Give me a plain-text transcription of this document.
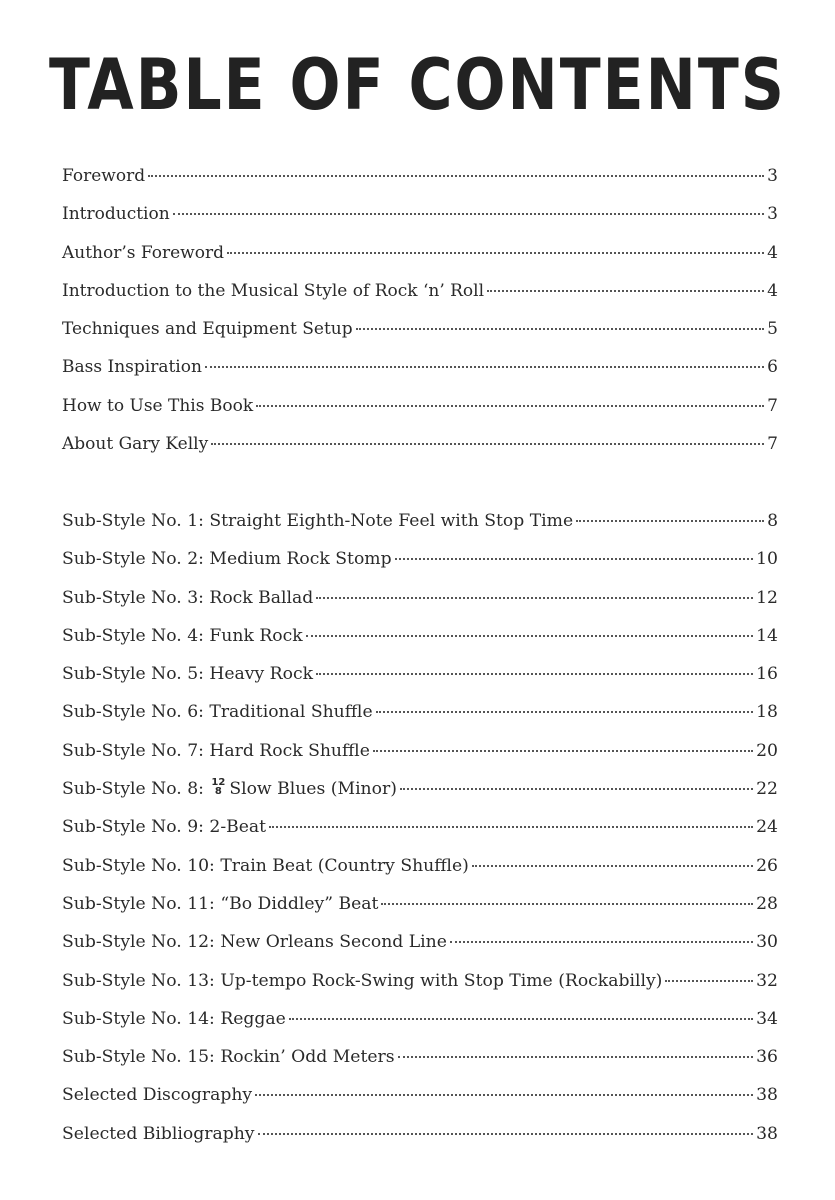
TABLE OF CONTENTS
Foreword	3
Introduction	3
Author’s Foreword	4
Introduction to the Musical Style of Rock ‘n’ Roll	4
Techniques and Equipment Setup	5
Bass Inspiration	6
How to Use This Book	7
About Gary Kelly	7
Sub-Style No. 1: Straight Eighth-Note Feel with Stop Time	8
Sub-Style No. 2: Medium Rock Stomp	10
Sub-Style No. 3: Rock Ballad	12
Sub-Style No. 4: Funk Rock	14
Sub-Style No. 5: Heavy Rock	16
Sub-Style No. 6: Traditional Shuffle	18
Sub-Style No. 7: Hard Rock Shuffle	20
Sub-Style No. 8: 12
8 Slow Blues (Minor)	22
Sub-Style No. 9: 2-Beat	24
Sub-Style No. 10: Train Beat (Country Shuffle)	26
Sub-Style No. 11: “Bo Diddley” Beat	28
Sub-Style No. 12: New Orleans Second Line	30
Sub-Style No. 13: Up-tempo Rock-Swing with Stop Time (Rockabilly)	32
Sub-Style No. 14: Reggae	34
Sub-Style No. 15: Rockin’ Odd Meters	36
Selected Discography	38
Selected Bibliography	38
